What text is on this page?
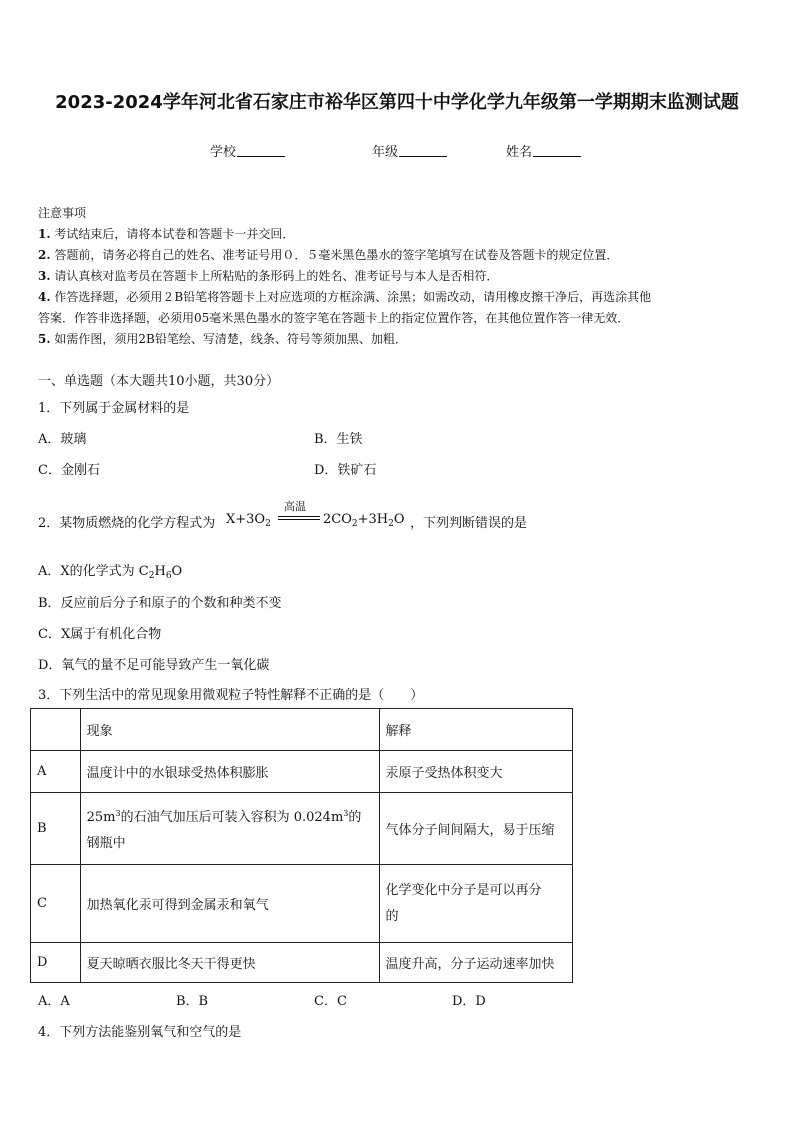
2023-2024学年河北省石家庄市裕华区第四十中学化学九年级第一学期期末监测试题
学校	年级	姓名
注意事项
1. 考试结束后，请将本试卷和答题卡一并交回．
2. 答题前，请务必将自己的姓名、准考证号用０．５毫米黑色墨水的签字笔填写在试卷及答题卡的规定位置．
3. 请认真核对监考员在答题卡上所粘贴的条形码上的姓名、准考证号与本人是否相符．
4. 作答选择题，必须用２B铅笔将答题卡上对应选项的方框涂满、涂黑；如需改动，请用橡皮擦干净后，再选涂其他
答案．作答非选择题，必须用05毫米黑色墨水的签字笔在答题卡上的指定位置作答，在其他位置作答一律无效．
5. 如需作图，须用2B铅笔绘、写清楚，线条、符号等须加黑、加粗．
一、单选题（本大题共10小题，共30分）
1．下列属于金属材料的是
A．玻璃	B．生铁
C．金刚石	D．铁矿石
2．某物质燃烧的化学方程式为 $X+3O_2$
高温
$2CO_2+3H_2O$ ，下列判断错误的是
A．X的化学式为 $C_2H_6O$
B．反应前后分子和原子的个数和种类不变
C．X属于有机化合物
D．氧气的量不足可能导致产生一氧化碳
3．下列生活中的常见现象用微观粒子特性解释不正确的是（　　）
	现象	解释
A	温度计中的水银球受热体积膨胀	汞原子受热体积变大
B	$25m^3$的石油气加压后可装入容积为 $0.024m^3$的
钢瓶中	气体分子间间隔大，易于压缩
C	加热氧化汞可得到金属汞和氧气	化学变化中分子是可以再分
的
D	夏天晾晒衣服比冬天干得更快	温度升高，分子运动速率加快
A．A	B．B	C．C	D．D
4．下列方法能鉴别氧气和空气的是
